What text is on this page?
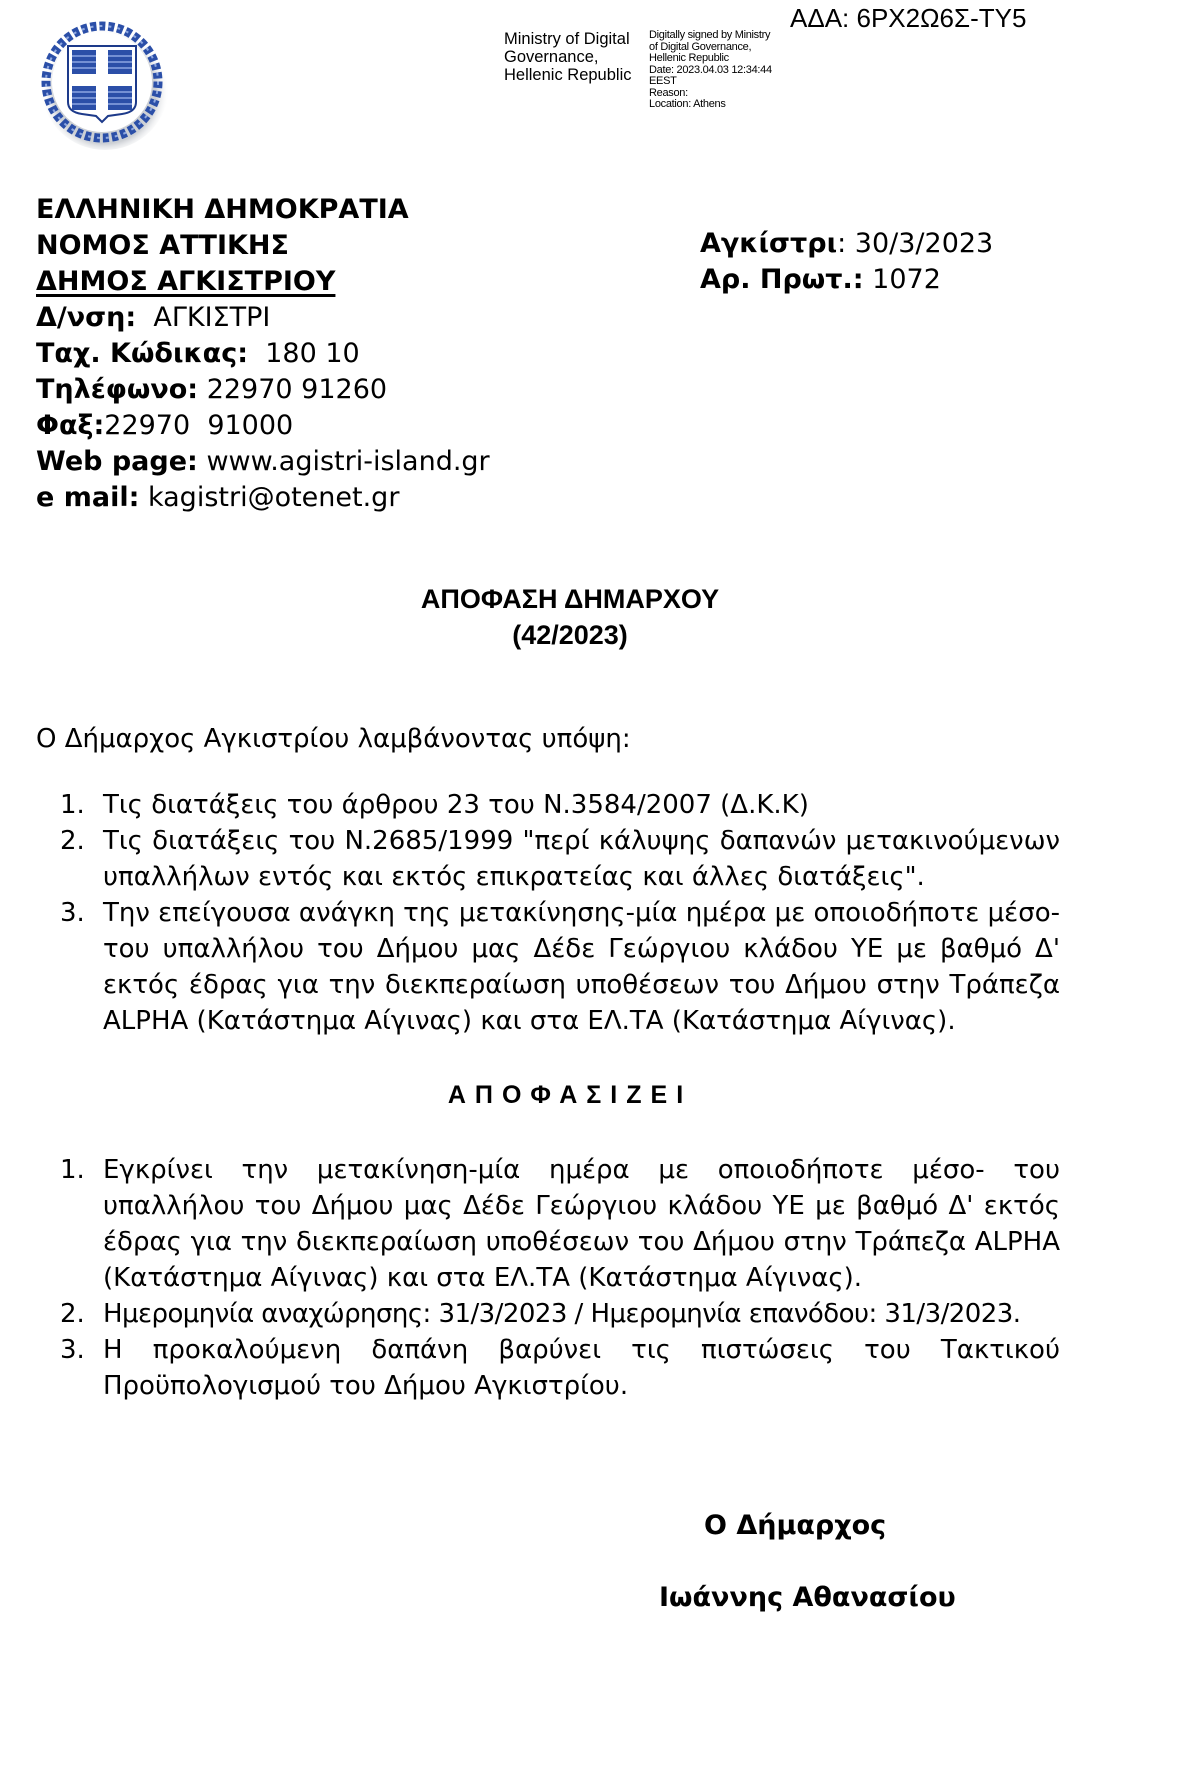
Ministry of Digital
Governance,
Hellenic Republic
Digitally signed by Ministry
of Digital Governance,
Hellenic Republic
Date: 2023.04.03 12:34:44
EEST
Reason:
Location: Athens
ΑΔΑ: 6ΡΧ2Ω6Σ-ΤΥ5
ΕΛΛΗΝΙΚΗ ΔΗΜΟΚΡΑΤΙΑ
ΝΟΜΟΣ ΑΤΤΙΚΗΣ
ΔΗΜΟΣ ΑΓΚΙΣΤΡΙΟΥ
Δ/νση: ΑΓΚΙΣΤΡΙ
Ταχ. Κώδικας: 180 10
Τηλέφωνο: 22970 91260
Φαξ:22970  91000
Web page: www.agistri-island.gr
e mail: kagistri@otenet.gr
Αγκίστρι: 30/3/2023
Αρ. Πρωτ.: 1072
ΑΠΟΦΑΣΗ ΔΗΜΑΡΧΟΥ
(42/2023)
Ο Δήμαρχος Αγκιστρίου λαμβάνοντας υπόψη:
1. Τις διατάξεις του άρθρου 23 του Ν.3584/2007 (Δ.Κ.Κ)
2. Τις διατάξεις του Ν.2685/1999 "περί κάλυψης δαπανών μετακινούμενων υπαλλήλων εντός και εκτός επικρατείας και άλλες διατάξεις".
3. Την επείγουσα ανάγκη της μετακίνησης-μία ημέρα με οποιοδήποτε μέσο- του υπαλλήλου του Δήμου μας Δέδε Γεώργιου κλάδου ΥΕ με βαθμό Δ' εκτός έδρας για την διεκπεραίωση υποθέσεων του Δήμου στην Τράπεζα ALPHA (Κατάστημα Αίγινας) και στα ΕΛ.ΤΑ (Κατάστημα Αίγινας).
ΑΠΟΦΑΣΙΖΕΙ
1. Εγκρίνει την μετακίνηση-μία ημέρα με οποιοδήποτε μέσο- του υπαλλήλου του Δήμου μας Δέδε Γεώργιου κλάδου ΥΕ με βαθμό Δ' εκτός έδρας για την διεκπεραίωση υποθέσεων του Δήμου στην Τράπεζα ALPHA (Κατάστημα Αίγινας) και στα ΕΛ.ΤΑ (Κατάστημα Αίγινας).
2. Ημερομηνία αναχώρησης: 31/3/2023 / Ημερομηνία επανόδου: 31/3/2023.
3. Η προκαλούμενη δαπάνη βαρύνει τις πιστώσεις του Τακτικού Προϋπολογισμού του Δήμου Αγκιστρίου.
Ο Δήμαρχος
Ιωάννης Αθανασίου
